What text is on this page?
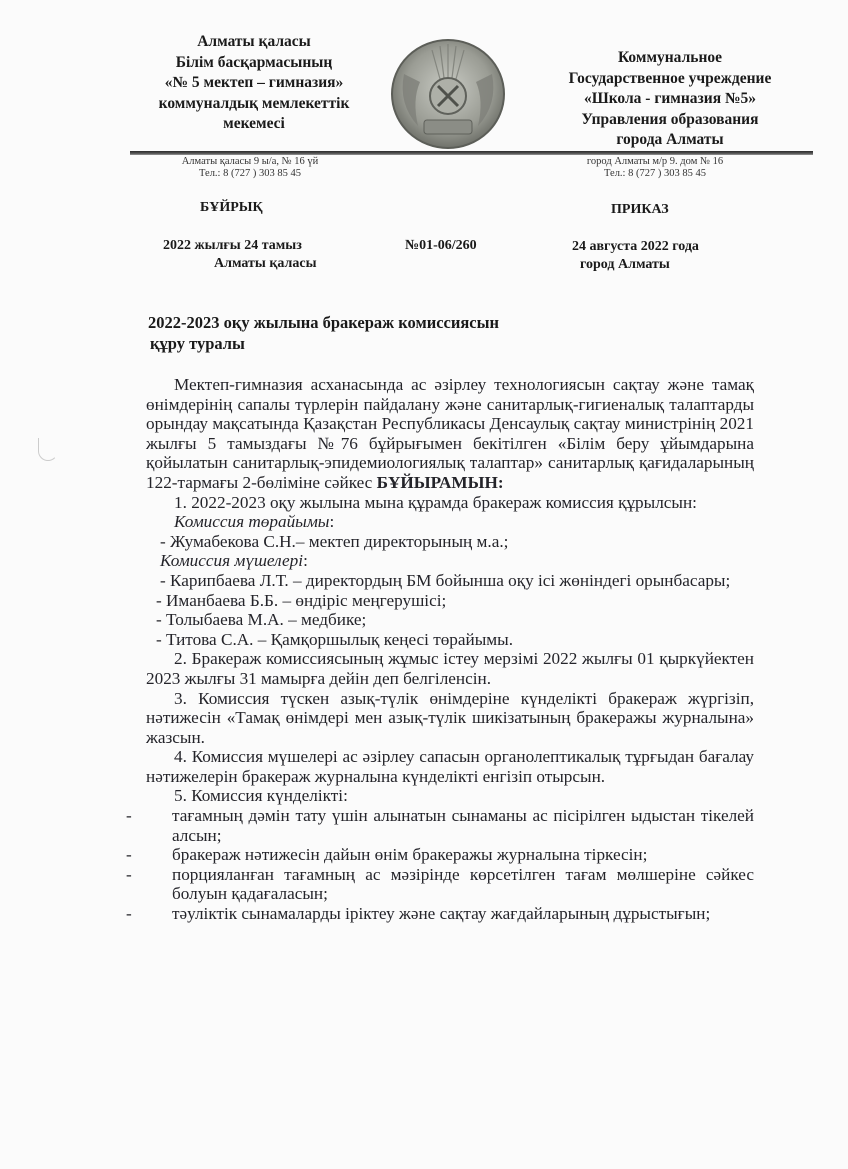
Алматы қаласы
Білім басқармасының
«№ 5 мектеп – гимназия»
коммуналдық мемлекеттік
мекемесі
Коммунальное
Государственное учреждение
«Школа - гимназия №5»
Управления образования
города Алматы
Алматы қаласы 9 ы/а, № 16 үй
Тел.: 8 (727 ) 303 85 45
город Алматы м/р 9. дом № 16
Тел.: 8 (727 ) 303 85 45
БҰЙРЫҚ	ПРИКАЗ
2022 жылғы 24 тамыз
Алматы қаласы
№01-06/260	24 августа 2022 года
город Алматы
2022-2023 оқу жылына бракераж комиссиясын
құру туралы

Мектеп-гимназия асханасында ас әзірлеу технологиясын сақтау және тамақ өнімдерінің сапалы түрлерін пайдалану және санитарлық-гигиеналық талаптарды орындау мақсатында Қазақстан Республикасы Денсаулық сақтау министрінің 2021 жылғы 5 тамыздағы №76 бұйрығымен бекітілген «Білім беру ұйымдарына қойылатын санитарлық-эпидемиологиялық талаптар» санитарлық қағидаларының 122-тармағы 2-бөліміне сәйкес БҰЙЫРАМЫН:

1. 2022-2023 оқу жылына мына құрамда бракераж комиссия құрылсын:

Комиссия төрайымы:

- Жумабекова С.Н.– мектеп директорының м.а.;

Комиссия мүшелері:

- Карипбаева Л.Т. – директордың БМ бойынша оқу ісі жөніндегі орынбасары;

- Иманбаева Б.Б. – өндіріс меңгерушісі;

- Толыбаева М.А. – медбике;

- Титова С.А. – Қамқоршылық кеңесі төрайымы.

2. Бракераж комиссиясының жұмыс істеу мерзімі 2022 жылғы 01 қыркүйектен 2023 жылғы 31 мамырға дейін деп белгіленсін.

3. Комиссия түскен азық-түлік өнімдеріне күнделікті бракераж жүргізіп, нәтижесін «Тамақ өнімдері мен азық-түлік шикізатының бракеражы журналына» жазсын.

4. Комиссия мүшелері ас әзірлеу сапасын органолептикалық тұрғыдан бағалау нәтижелерін бракераж журналына күнделікті енгізіп отырсын.

5. Комиссия күнделікті:

- тағамның дәмін тату үшін алынатын сынаманы ас пісірілген ыдыстан тікелей алсын;
- бракераж нәтижесін дайын өнім бракеражы журналына тіркесін;
- порцияланған тағамның ас мәзірінде көрсетілген тағам мөлшеріне сәйкес болуын қадағаласын;
- тәуліктік сынамаларды іріктеу және сақтау жағдайларының дұрыстығын;
